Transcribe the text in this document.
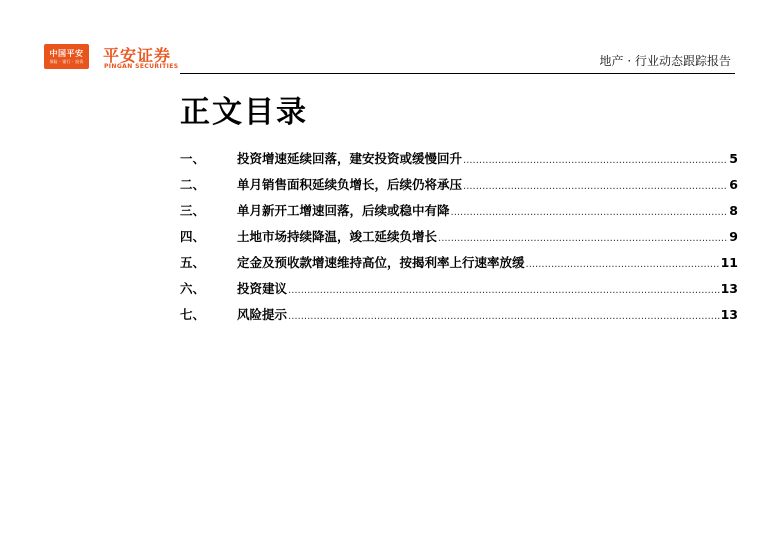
中国平安
保险 · 银行 · 投资	平安证券
PINGAN SECURITIES	地产 · 行业动态跟踪报告
正文目录
一、	投资增速延续回落，建安投资或缓慢回升 .....	5
二、	单月销售面积延续负增长，后续仍将承压 .....	6
三、	单月新开工增速回落，后续或稳中有降 .....	8
四、	土地市场持续降温，竣工延续负增长 .....	9
五、	定金及预收款增速维持高位，按揭利率上行速率放缓 .....	11
六、	投资建议 .....	13
七、	风险提示 .....	13
